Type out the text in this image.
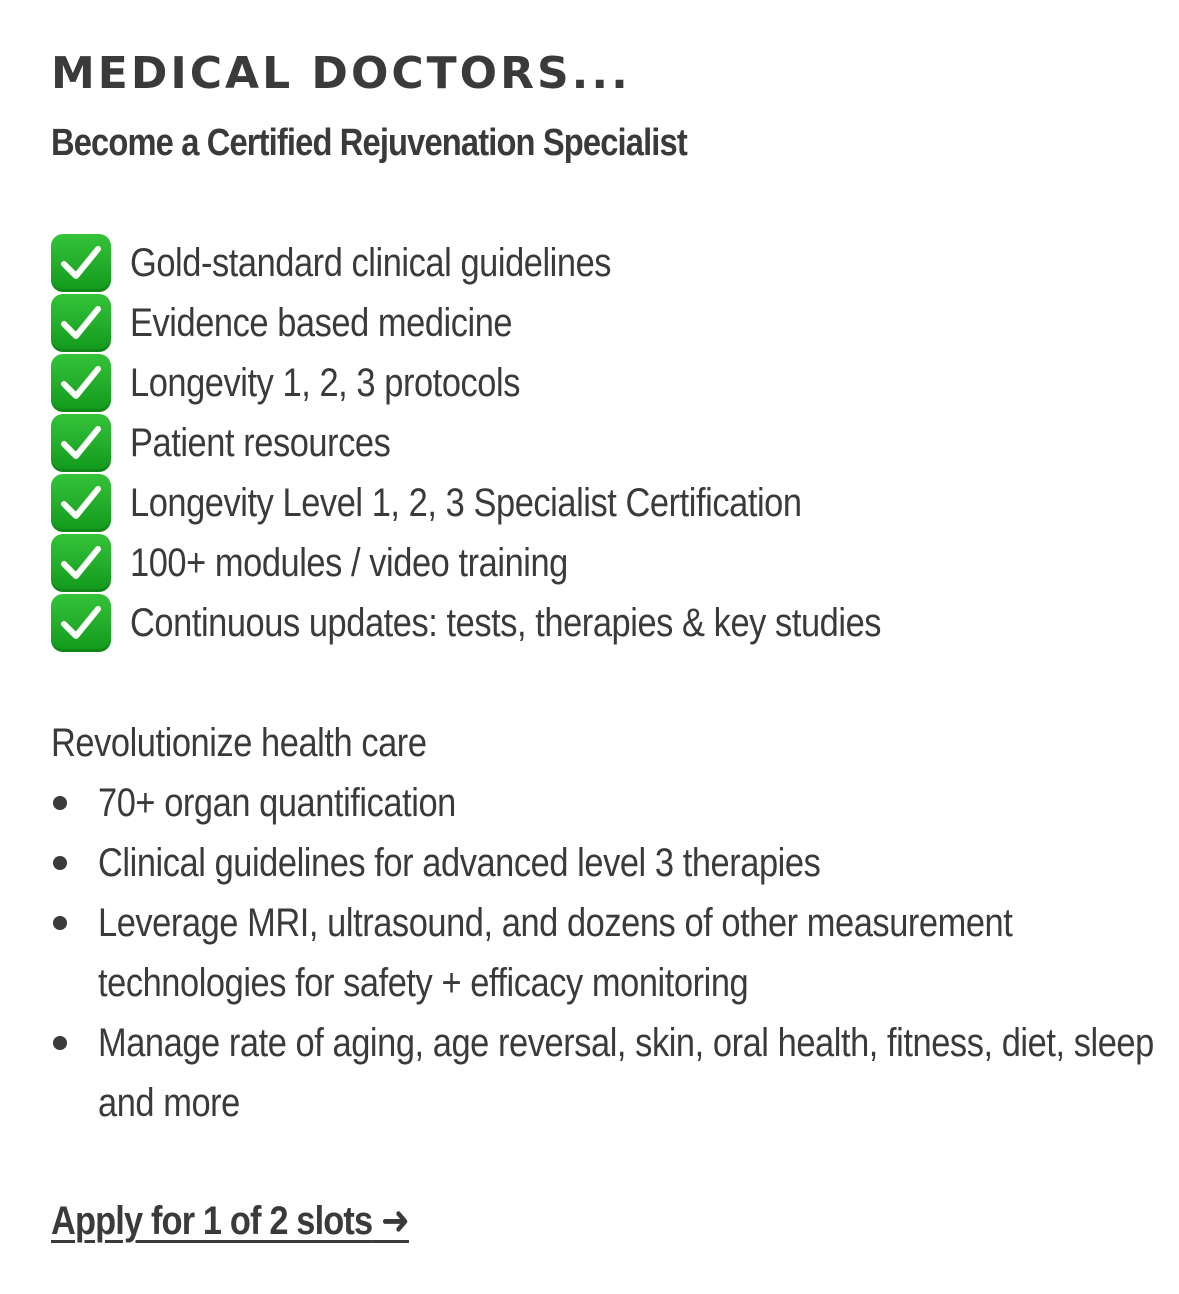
MEDICAL DOCTORS...
Become a Certified Rejuvenation Specialist
Gold-standard clinical guidelines
Evidence based medicine
Longevity 1, 2, 3 protocols
Patient resources
Longevity Level 1, 2, 3 Specialist Certification
100+ modules / video training
Continuous updates: tests, therapies & key studies

Revolutionize health care

70+ organ quantification
Clinical guidelines for advanced level 3 therapies
Leverage MRI, ultrasound, and dozens of other measurement technologies for safety + efficacy monitoring
Manage rate of aging, age reversal, skin, oral health, fitness, diet, sleep and more
Apply for 1 of 2 slots ➜
